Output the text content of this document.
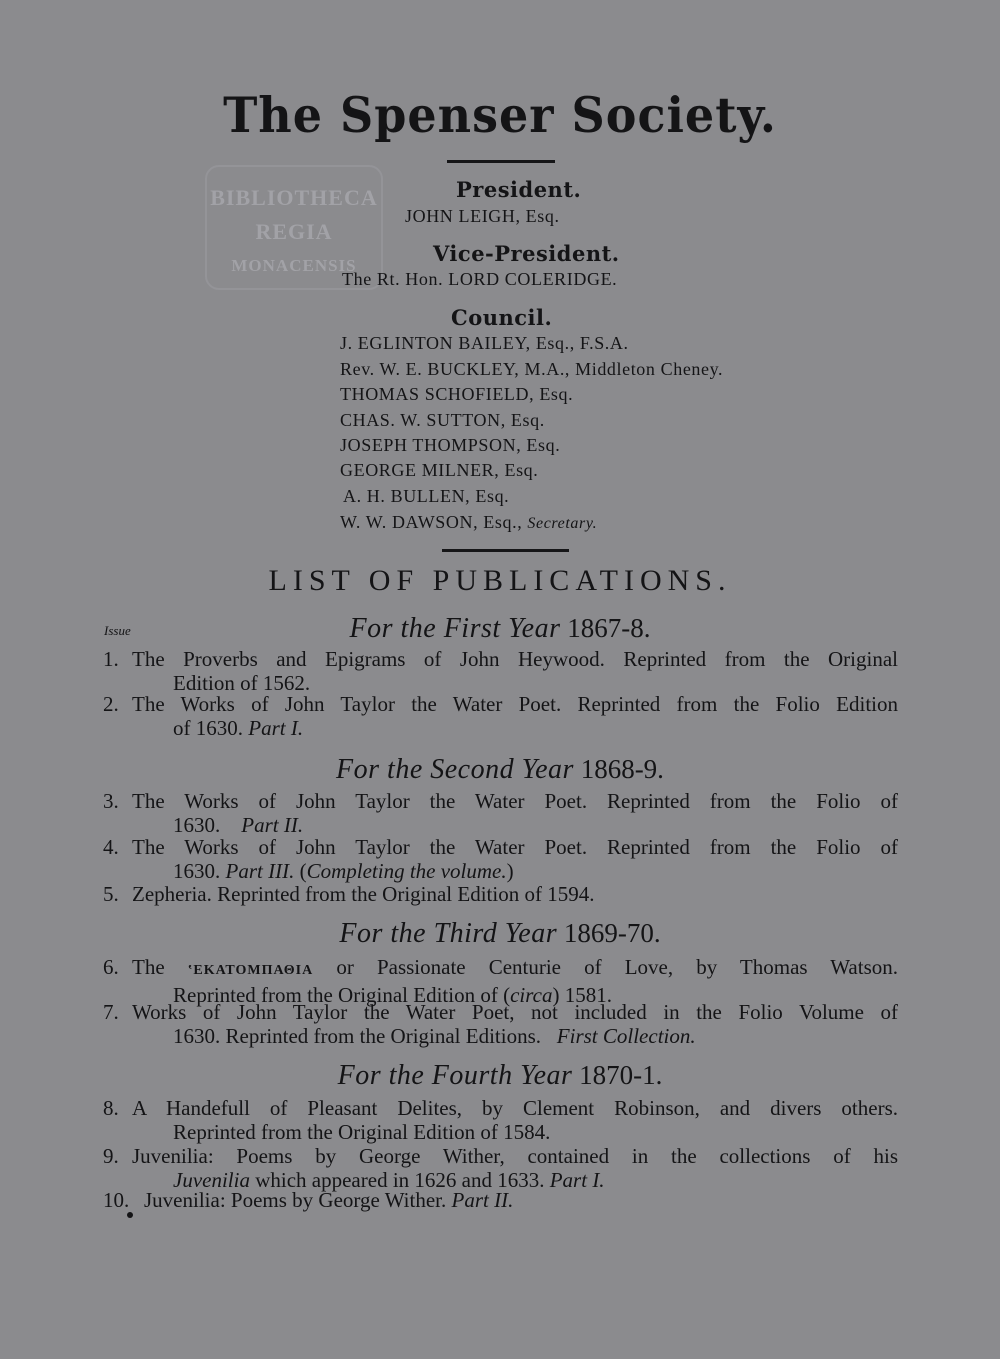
The Spenser Society.
BIBLIOTHECA
REGIA
MONACENSIS
President.
JOHN LEIGH, Esq.
Vice-President.
The Rt. Hon. LORD COLERIDGE.
Council.
J. EGLINTON BAILEY, Esq., F.S.A.
Rev. W. E. BUCKLEY, M.A., Middleton Cheney.
THOMAS SCHOFIELD, Esq.
CHAS. W. SUTTON, Esq.
JOSEPH THOMPSON, Esq.
GEORGE MILNER, Esq.
A. H. BULLEN, Esq.
W. W. DAWSON, Esq., Secretary.
LIST OF PUBLICATIONS.
Issue	For the First Year 1867-8.
1. The Proverbs and Epigrams of John Heywood. Reprinted from the Original
Edition of 1562.
2. The Works of John Taylor the Water Poet. Reprinted from the Folio Edition
of 1630. Part I.
For the Second Year 1868-9.
3. The Works of John Taylor the Water Poet. Reprinted from the Folio of
1630. Part II.
4. The Works of John Taylor the Water Poet. Reprinted from the Folio of
1630. Part III. (Completing the volume.)
5. Zepheria. Reprinted from the Original Edition of 1594.
For the Third Year 1869-70.
6. The ʽΕΚΑΤΟΜΠΑΘΙΑ or Passionate Centurie of Love, by Thomas Watson.
Reprinted from the Original Edition of (circa) 1581.
7. Works of John Taylor the Water Poet, not included in the Folio Volume of
1630. Reprinted from the Original Editions. First Collection.
For the Fourth Year 1870-1.
8. A Handefull of Pleasant Delites, by Clement Robinson, and divers others.
Reprinted from the Original Edition of 1584.
9. Juvenilia: Poems by George Wither, contained in the collections of his
Juvenilia which appeared in 1626 and 1633. Part I.
10. Juvenilia: Poems by George Wither. Part II.
